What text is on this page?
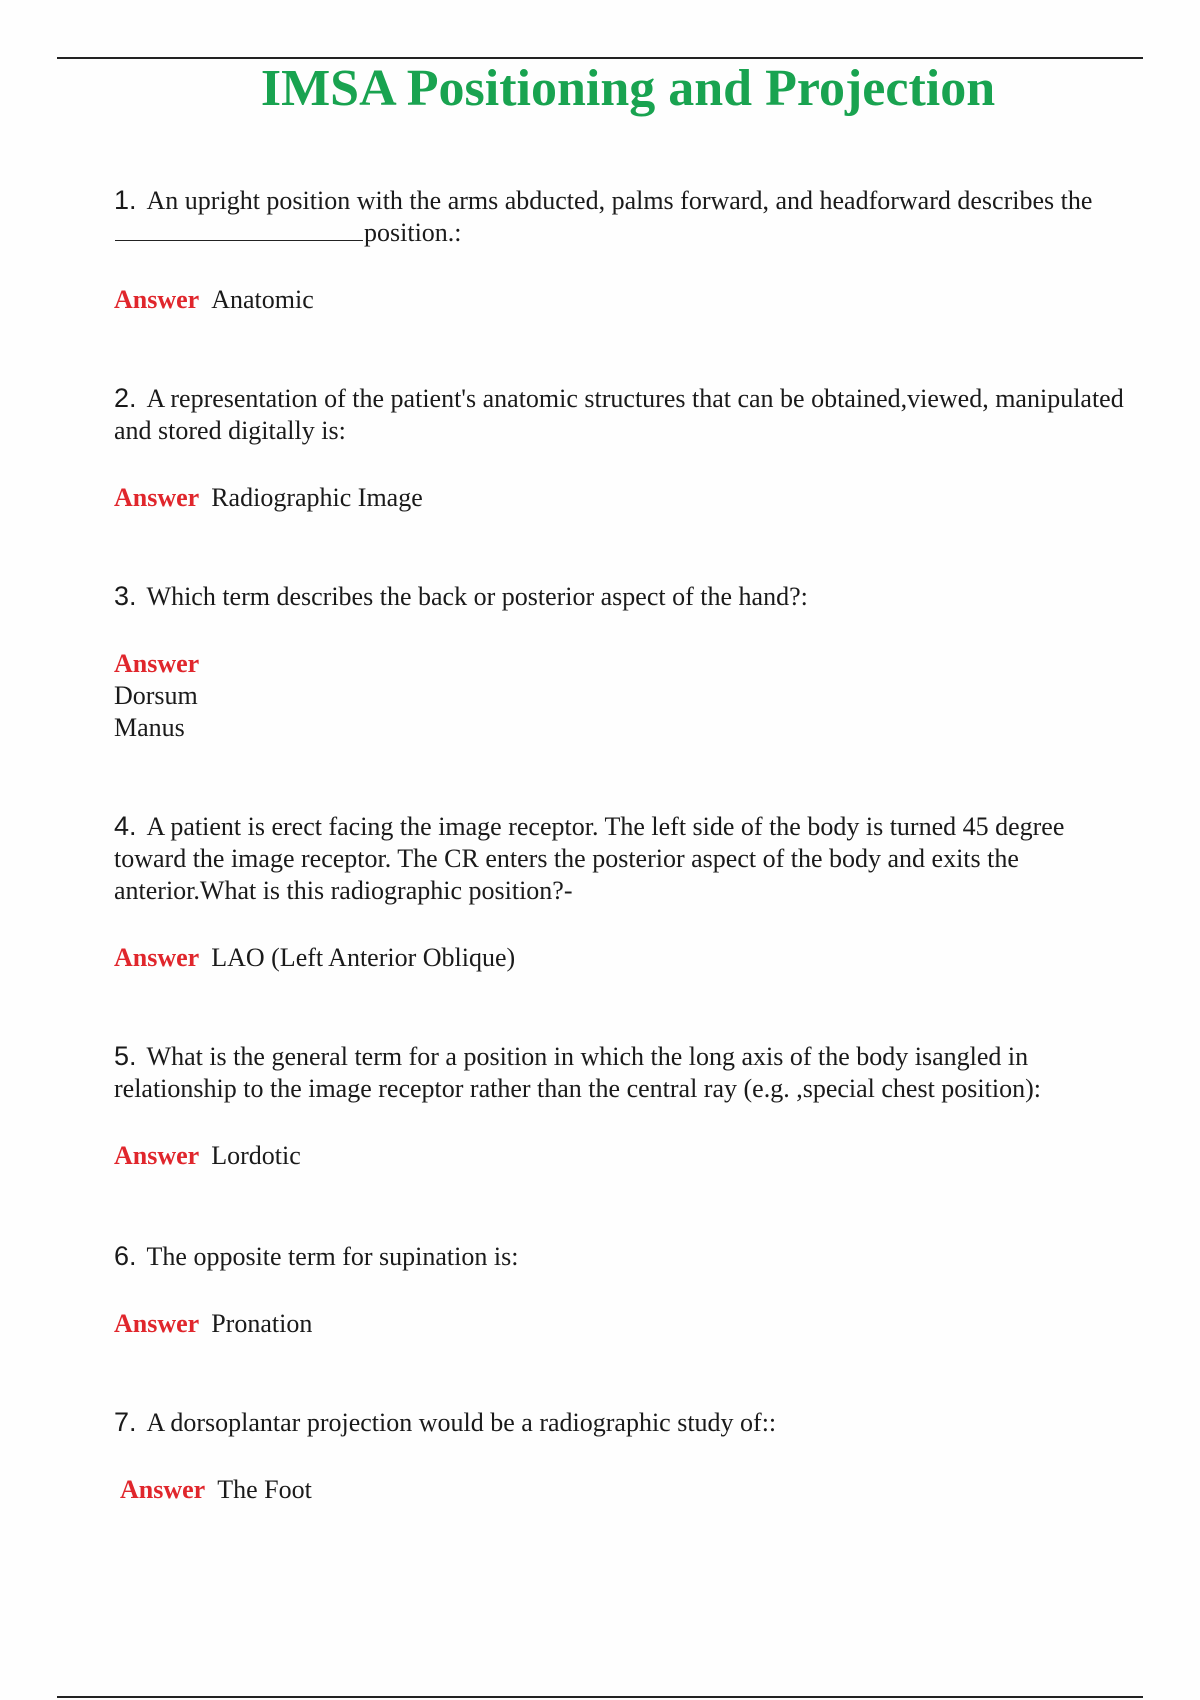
IMSA Positioning and Projection

1. An upright position with the arms abducted, palms forward, and headforward describes theposition.:

Answer Anatomic

2. A representation of the patient's anatomic structures that can be obtained,viewed, manipulated and stored digitally is:

Answer Radiographic Image

3. Which term describes the back or posterior aspect of the hand?:

Answer
Dorsum
Manus

4. A patient is erect facing the image receptor. The left side of the body is turned 45 degree toward the image receptor. The CR enters the posterior aspect of the body and exits the anterior.What is this radiographic position?-

Answer LAO (Left Anterior Oblique)

5. What is the general term for a position in which the long axis of the body isangled in relationship to the image receptor rather than the central ray (e.g. ,special chest position):

Answer Lordotic

6. The opposite term for supination is:

Answer Pronation

7. A dorsoplantar projection would be a radiographic study of::

Answer The Foot
